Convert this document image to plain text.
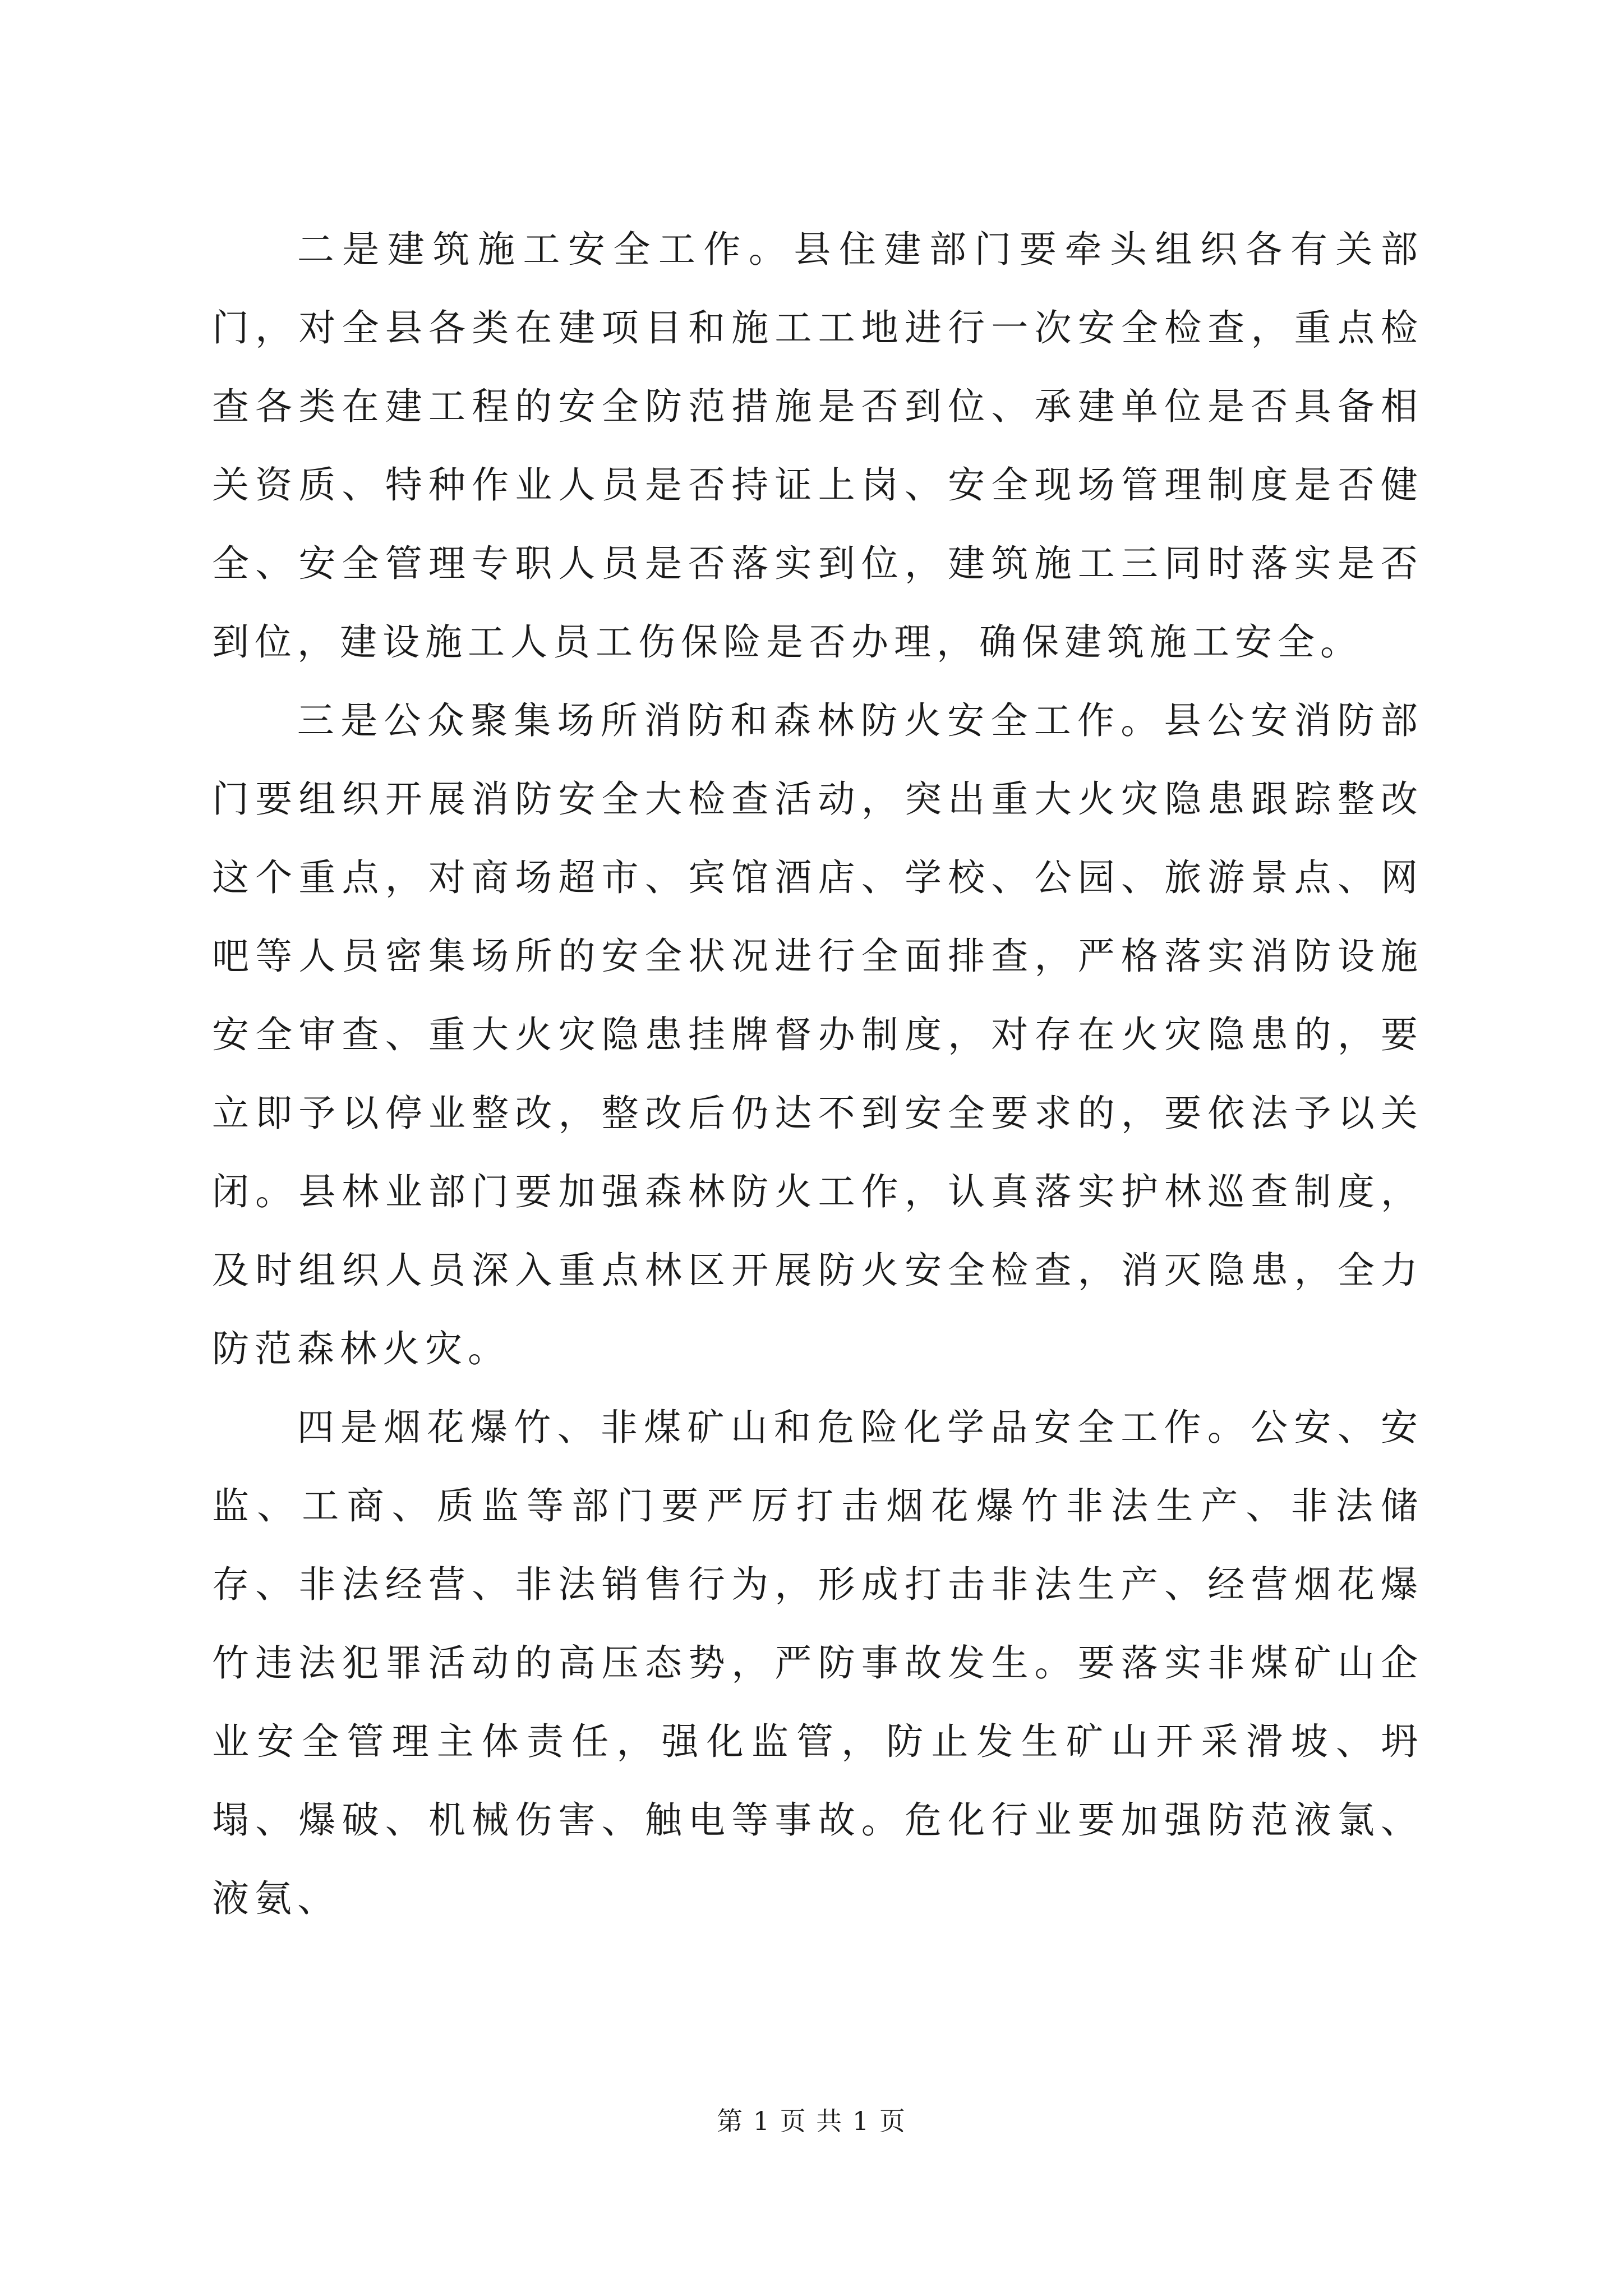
二是建筑施工安全工作。县住建部门要牵头组织各有关部门，对全县各类在建项目和施工工地进行一次安全检查，重点检查各类在建工程的安全防范措施是否到位、承建单位是否具备相关资质、特种作业人员是否持证上岗、安全现场管理制度是否健全、安全管理专职人员是否落实到位，建筑施工三同时落实是否到位，建设施工人员工伤保险是否办理，确保建筑施工安全。

三是公众聚集场所消防和森林防火安全工作。县公安消防部门要组织开展消防安全大检查活动，突出重大火灾隐患跟踪整改这个重点，对商场超市、宾馆酒店、学校、公园、旅游景点、网吧等人员密集场所的安全状况进行全面排查，严格落实消防设施安全审查、重大火灾隐患挂牌督办制度，对存在火灾隐患的，要立即予以停业整改，整改后仍达不到安全要求的，要依法予以关闭。县林业部门要加强森林防火工作，认真落实护林巡查制度，及时组织人员深入重点林区开展防火安全检查，消灭隐患，全力防范森林火灾。

四是烟花爆竹、非煤矿山和危险化学品安全工作。公安、安监、工商、质监等部门要严厉打击烟花爆竹非法生产、非法储存、非法经营、非法销售行为，形成打击非法生产、经营烟花爆竹违法犯罪活动的高压态势，严防事故发生。要落实非煤矿山企业安全管理主体责任，强化监管，防止发生矿山开采滑坡、坍塌、爆破、机械伤害、触电等事故。危化行业要加强防范液氯、液氨、

第 1 页 共 1 页
